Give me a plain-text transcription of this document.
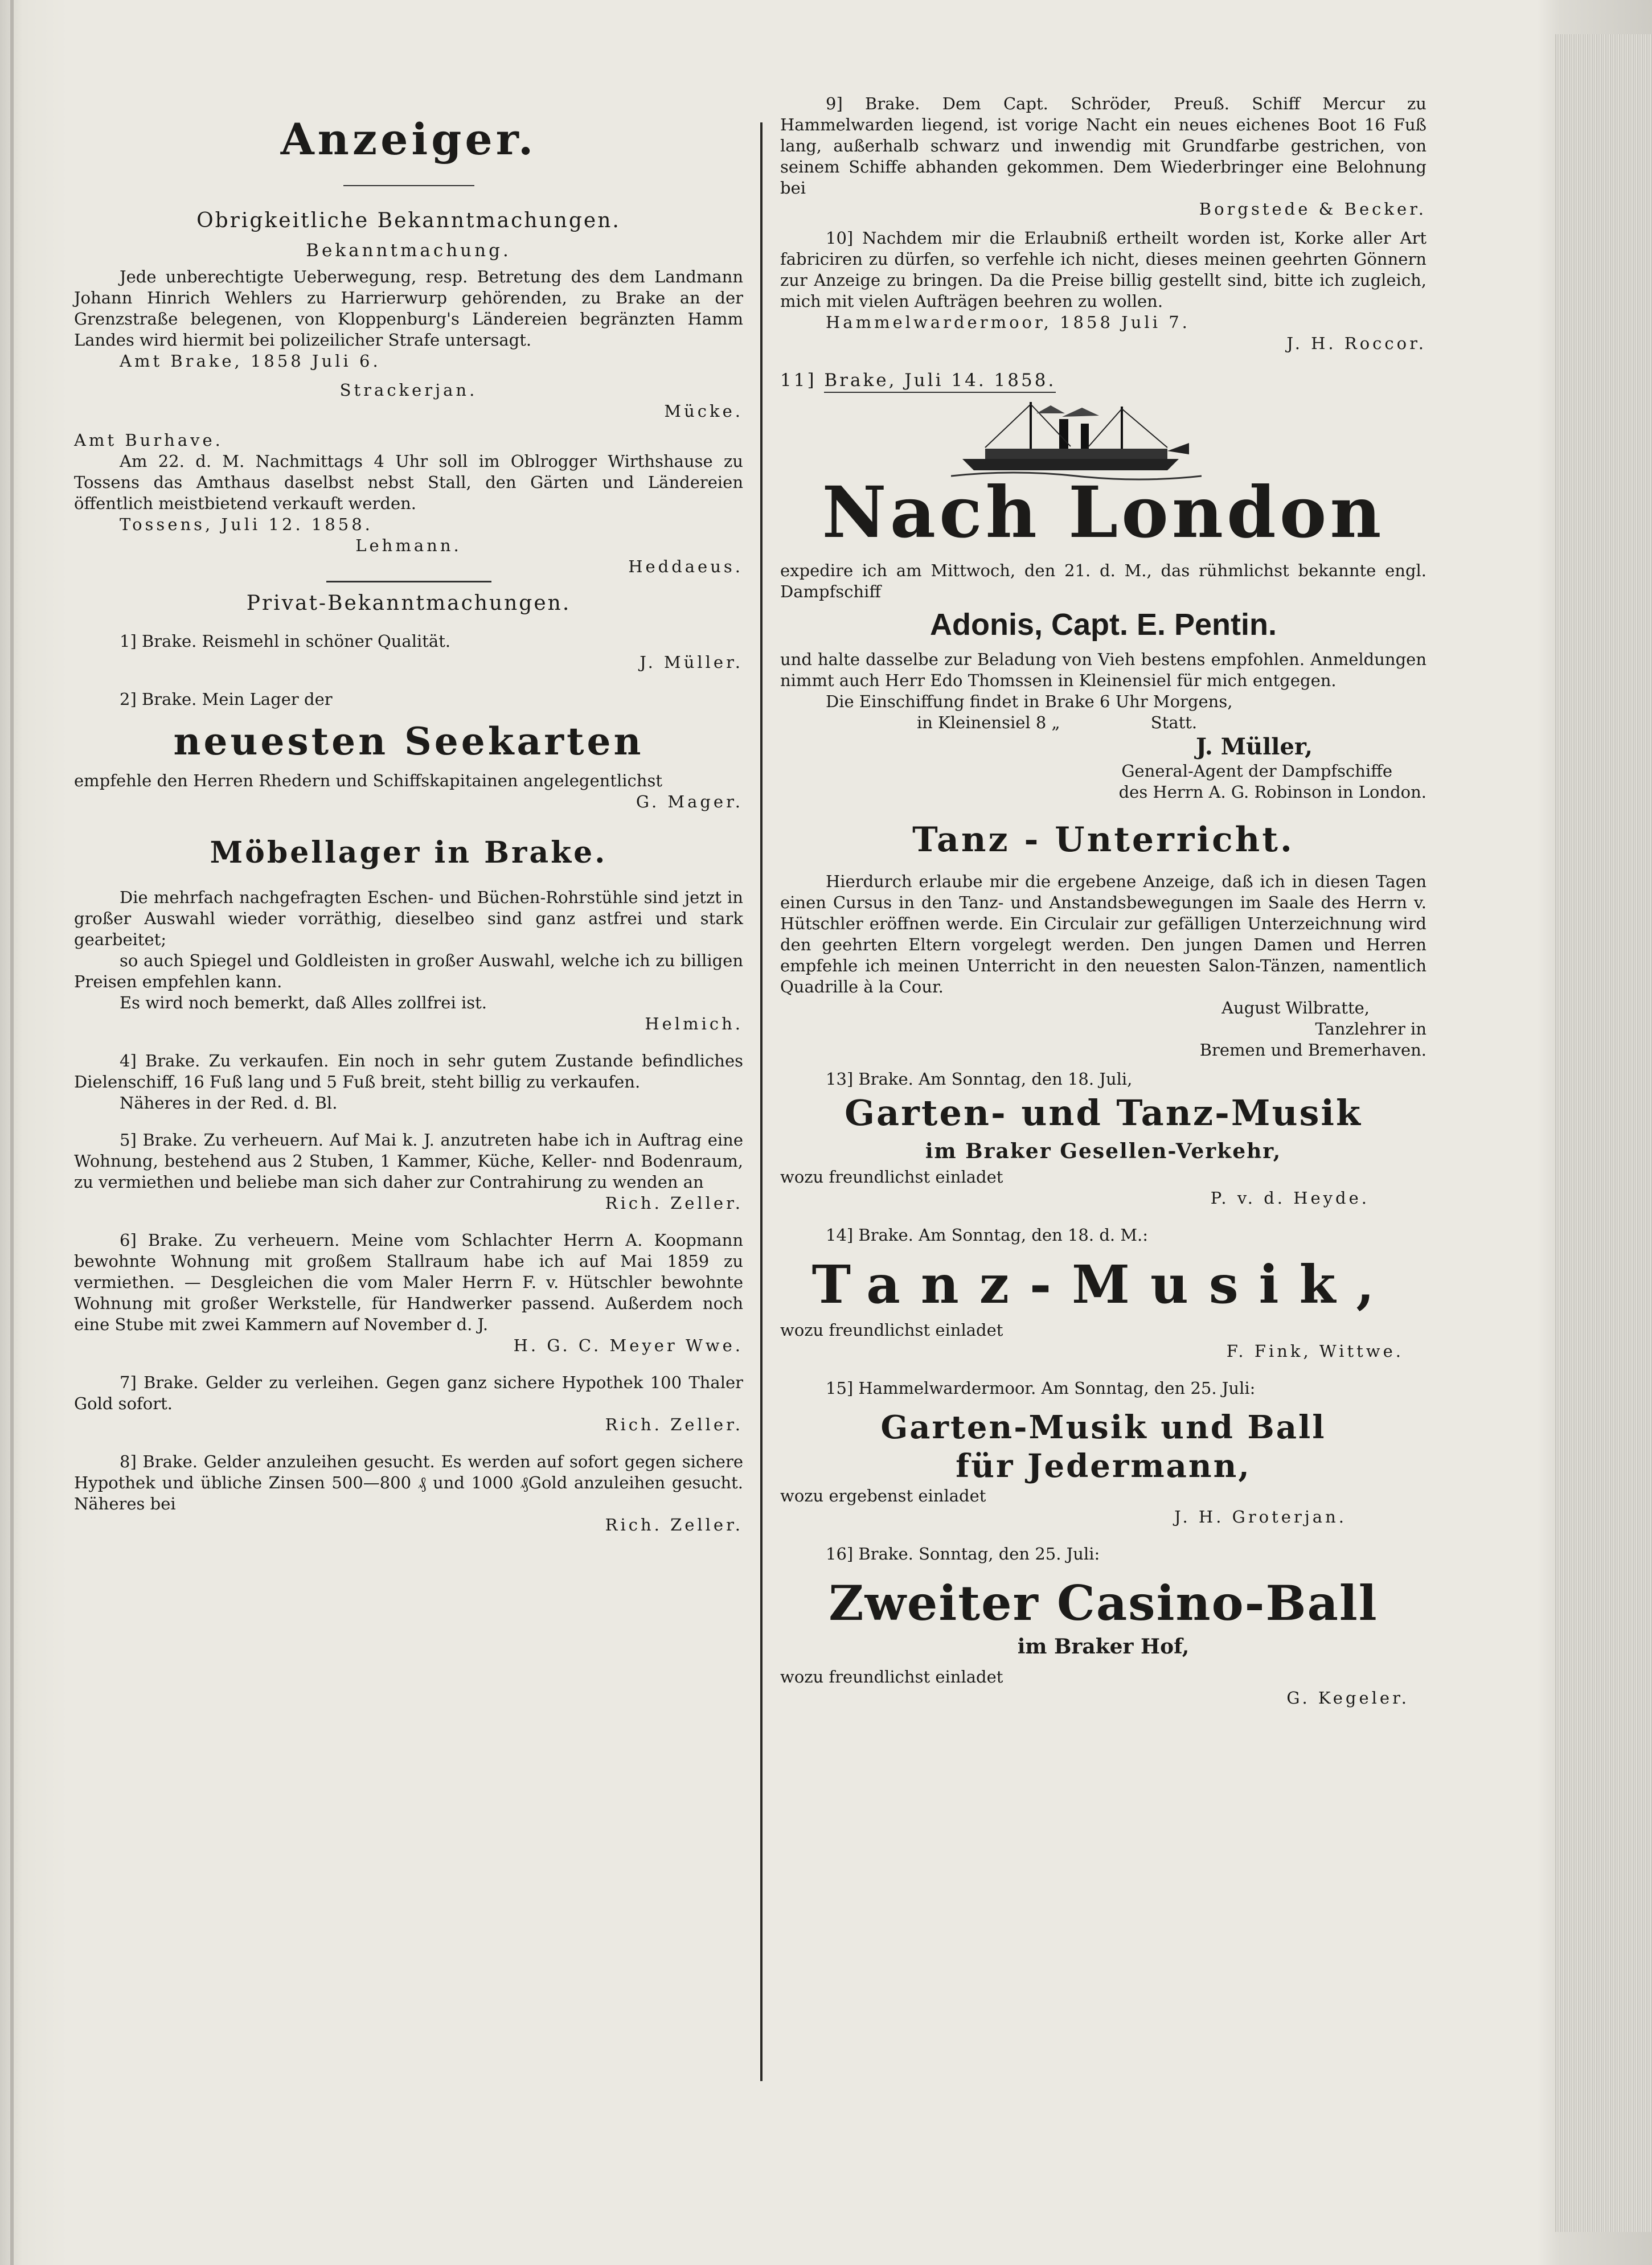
Anzeiger.
Obrigkeitliche Bekanntmachungen.
Bekanntmachung.

Jede unberechtigte Ueberwegung, resp. Betretung des dem Landmann Johann Hinrich Wehlers zu Harrierwurp gehörenden, zu Brake an der Grenzstraße belegenen, von Kloppenburg's Ländereien begränzten Hamm Landes wird hiermit bei polizeilicher Strafe untersagt.

Amt Brake, 1858 Juli 6.

Strackerjan.

Mücke.

Amt Burhave.

Am 22. d. M. Nachmittags 4 Uhr soll im Oblrogger Wirthshause zu Tossens das Amthaus daselbst nebst Stall, den Gärten und Ländereien öffentlich meistbietend verkauft werden.

Tossens, Juli 12. 1858.

Lehmann.

Heddaeus.

Privat-Bekanntmachungen.

1] Brake. Reismehl in schöner Qualität.

J. Müller.

2] Brake. Mein Lager der

neuesten Seekarten

empfehle den Herren Rhedern und Schiffskapitainen angelegentlichst

G. Mager.

Möbellager in Brake.

Die mehrfach nachgefragten Eschen- und Büchen-Rohrstühle sind jetzt in großer Auswahl wieder vorräthig, dieselbeo sind ganz astfrei und stark gearbeitet;

so auch Spiegel und Goldleisten in großer Auswahl, welche ich zu billigen Preisen empfehlen kann.

Es wird noch bemerkt, daß Alles zollfrei ist.

Helmich.

4] Brake. Zu verkaufen. Ein noch in sehr gutem Zustande befindliches Dielenschiff, 16 Fuß lang und 5 Fuß breit, steht billig zu verkaufen.

Näheres in der Red. d. Bl.

5] Brake. Zu verheuern. Auf Mai k. J. anzutreten habe ich in Auftrag eine Wohnung, bestehend aus 2 Stuben, 1 Kammer, Küche, Keller- nnd Bodenraum, zu vermiethen und beliebe man sich daher zur Contrahirung zu wenden an

Rich. Zeller.

6] Brake. Zu verheuern. Meine vom Schlachter Herrn A. Koopmann bewohnte Wohnung mit großem Stallraum habe ich auf Mai 1859 zu vermiethen. — Desgleichen die vom Maler Herrn F. v. Hütschler bewohnte Wohnung mit großer Werkstelle, für Handwerker passend. Außerdem noch eine Stube mit zwei Kammern auf November d. J.

H. G. C. Meyer Wwe.

7] Brake. Gelder zu verleihen. Gegen ganz sichere Hypothek 100 Thaler Gold sofort.

Rich. Zeller.

8] Brake. Gelder anzuleihen gesucht. Es werden auf sofort gegen sichere Hypothek und übliche Zinsen 500—800 ₰ und 1000 ₰Gold anzuleihen gesucht. Näheres bei

Rich. Zeller.

9] Brake. Dem Capt. Schröder, Preuß. Schiff Mercur zu Hammelwarden liegend, ist vorige Nacht ein neues eichenes Boot 16 Fuß lang, außerhalb schwarz und inwendig mit Grundfarbe gestrichen, von seinem Schiffe abhanden gekommen. Dem Wiederbringer eine Belohnung bei

Borgstede & Becker.

10] Nachdem mir die Erlaubniß ertheilt worden ist, Korke aller Art fabriciren zu dürfen, so verfehle ich nicht, dieses meinen geehrten Gönnern zur Anzeige zu bringen. Da die Preise billig gestellt sind, bitte ich zugleich, mich mit vielen Aufträgen beehren zu wollen.

Hammelwardermoor, 1858 Juli 7.

J. H. Roccor.

11] Brake, Juli 14. 1858.
Nach London

expedire ich am Mittwoch, den 21. d. M., das rühmlichst bekannte engl. Dampfschiff

Adonis, Capt. E. Pentin.

und halte dasselbe zur Beladung von Vieh bestens empfohlen. Anmeldungen nimmt auch Herr Edo Thomssen in Kleinensiel für mich entgegen.

Die Einschiffung findet in Brake 6 Uhr Morgens,

in Kleinensiel 8 „	Statt.

J. Müller,

General-Agent der Dampfschiffe

des Herrn A. G. Robinson in London.

Tanz - Unterricht.

Hierdurch erlaube mir die ergebene Anzeige, daß ich in diesen Tagen einen Cursus in den Tanz- und Anstandsbewegungen im Saale des Herrn v. Hütschler eröffnen werde. Ein Circulair zur gefälligen Unterzeichnung wird den geehrten Eltern vorgelegt werden. Den jungen Damen und Herren empfehle ich meinen Unterricht in den neuesten Salon-Tänzen, namentlich Quadrille à la Cour.

August Wilbratte,

Tanzlehrer in

Bremen und Bremerhaven.

13] Brake. Am Sonntag, den 18. Juli,

Garten- und Tanz-Musik
im Braker Gesellen-Verkehr,

wozu freundlichst einladet

P. v. d. Heyde.

14] Brake. Am Sonntag, den 18. d. M.:

Tanz-Musik,

wozu freundlichst einladet

F. Fink, Wittwe.

15] Hammelwardermoor. Am Sonntag, den 25. Juli:

Garten-Musik und Ball
für Jedermann,

wozu ergebenst einladet

J. H. Groterjan.

16] Brake. Sonntag, den 25. Juli:

Zweiter Casino-Ball
im Braker Hof,

wozu freundlichst einladet

G. Kegeler.
